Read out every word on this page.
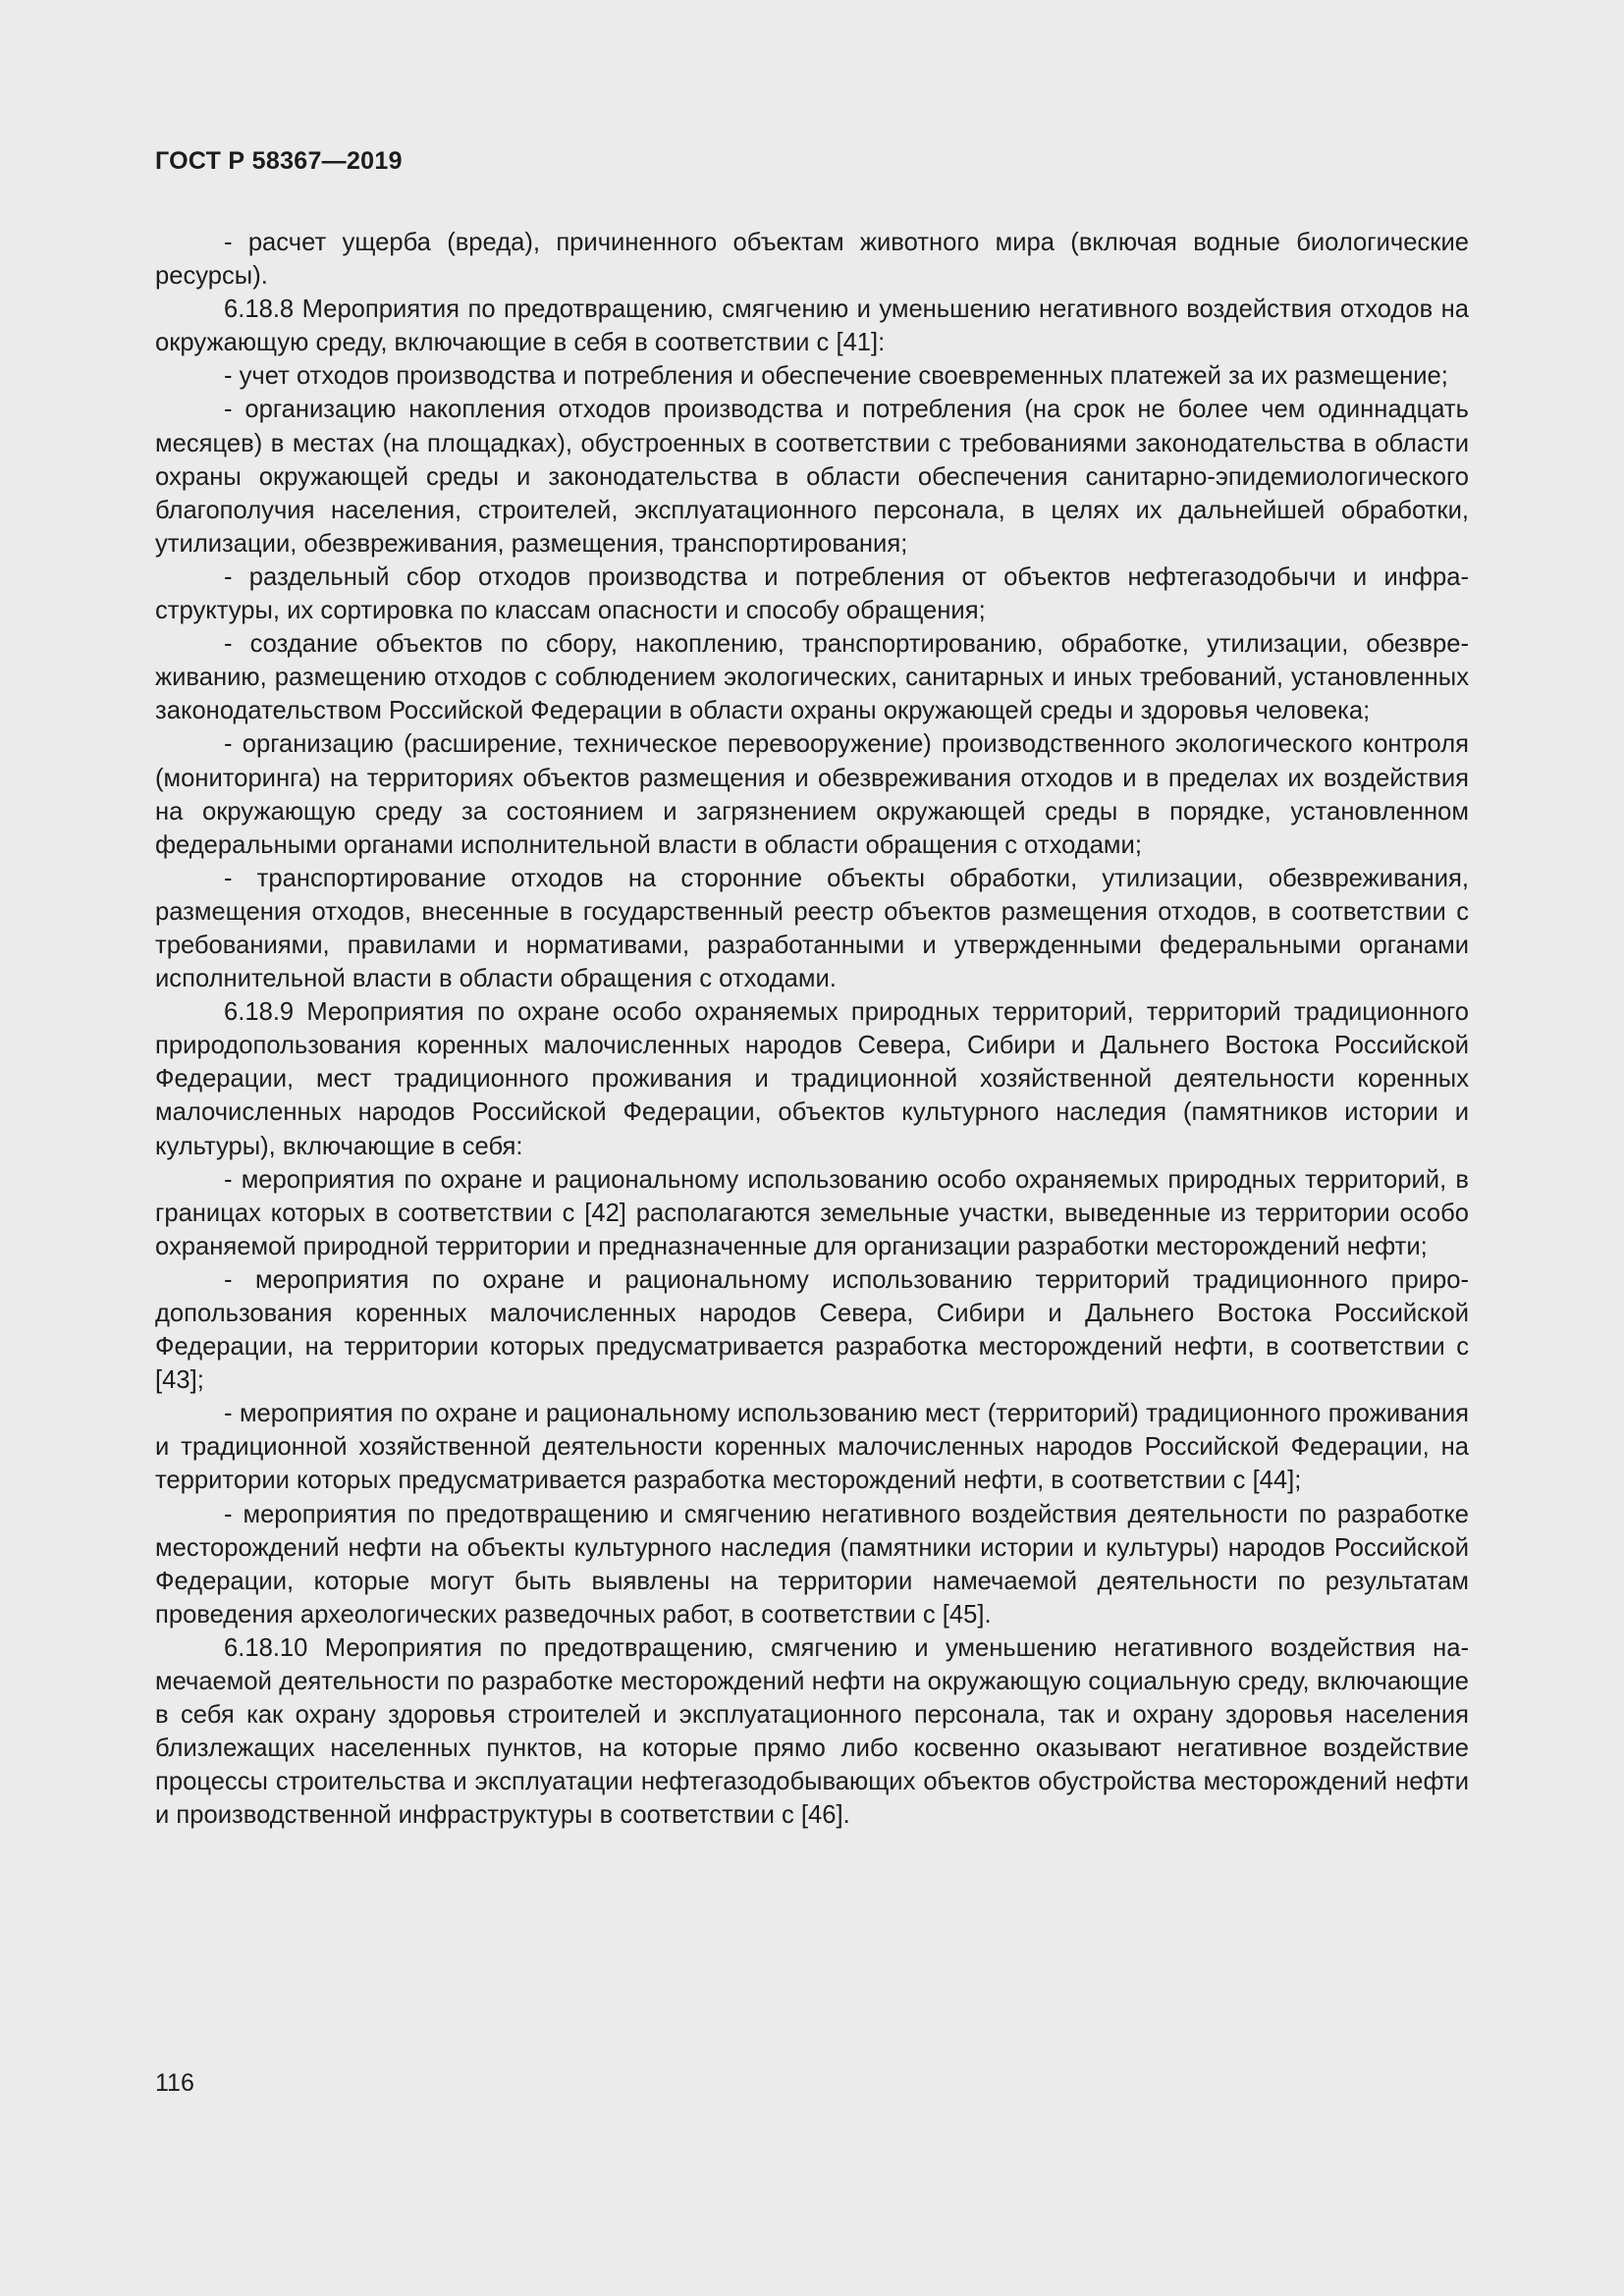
ГОСТ Р 58367—2019

- расчет ущерба (вреда), причиненного объектам животного мира (включая водные биологические ресурсы).

6.18.8 Мероприятия по предотвращению, смягчению и уменьшению негативного воздействия отходов на окружающую среду, включающие в себя в соответствии с [41]:

- учет отходов производства и потребления и обеспечение своевременных платежей за их размещение;

- организацию накопления отходов производства и потребления (на срок не более чем одиннадцать месяцев) в местах (на площадках), обустроенных в соответствии с требованиями законодательства в области охраны окружающей среды и законодательства в области обеспечения санитарно-эпидемиологического благополучия населения, строителей, эксплуатационного персонала, в целях их дальнейшей обработки, утилизации, обезвреживания, размещения, транспортирования;

- раздельный сбор отходов производства и потребления от объектов нефтегазодобычи и инфраструктуры, их сортировка по классам опасности и способу обращения;

- создание объектов по сбору, накоплению, транспортированию, обработке, утилизации, обезвреживанию, размещению отходов с соблюдением экологических, санитарных и иных требований, установленных законодательством Российской Федерации в области охраны окружающей среды и здоровья человека;

- организацию (расширение, техническое перевооружение) производственного экологического контроля (мониторинга) на территориях объектов размещения и обезвреживания отходов и в пределах их воздействия на окружающую среду за состоянием и загрязнением окружающей среды в порядке, установленном федеральными органами исполнительной власти в области обращения с отходами;

- транспортирование отходов на сторонние объекты обработки, утилизации, обезвреживания, размещения отходов, внесенные в государственный реестр объектов размещения отходов, в соответствии с требованиями, правилами и нормативами, разработанными и утвержденными федеральными органами исполнительной власти в области обращения с отходами.

6.18.9 Мероприятия по охране особо охраняемых природных территорий, территорий традиционного природопользования коренных малочисленных народов Севера, Сибири и Дальнего Востока Российской Федерации, мест традиционного проживания и традиционной хозяйственной деятельности коренных малочисленных народов Российской Федерации, объектов культурного наследия (памятников истории и культуры), включающие в себя:

- мероприятия по охране и рациональному использованию особо охраняемых природных территорий, в границах которых в соответствии с [42] располагаются земельные участки, выведенные из территории особо охраняемой природной территории и предназначенные для организации разработки месторождений нефти;

- мероприятия по охране и рациональному использованию территорий традиционного природопользования коренных малочисленных народов Севера, Сибири и Дальнего Востока Российской Федерации, на территории которых предусматривается разработка месторождений нефти, в соответствии с [43];

- мероприятия по охране и рациональному использованию мест (территорий) традиционного проживания и традиционной хозяйственной деятельности коренных малочисленных народов Российской Федерации, на территории которых предусматривается разработка месторождений нефти, в соответствии с [44];

- мероприятия по предотвращению и смягчению негативного воздействия деятельности по разработке месторождений нефти на объекты культурного наследия (памятники истории и культуры) народов Российской Федерации, которые могут быть выявлены на территории намечаемой деятельности по результатам проведения археологических разведочных работ, в соответствии с [45].

6.18.10 Мероприятия по предотвращению, смягчению и уменьшению негативного воздействия намечаемой деятельности по разработке месторождений нефти на окружающую социальную среду, включающие в себя как охрану здоровья строителей и эксплуатационного персонала, так и охрану здоровья населения близлежащих населенных пунктов, на которые прямо либо косвенно оказывают негативное воздействие процессы строительства и эксплуатации нефтегазодобывающих объектов обустройства месторождений нефти и производственной инфраструктуры в соответствии с [46].

116
